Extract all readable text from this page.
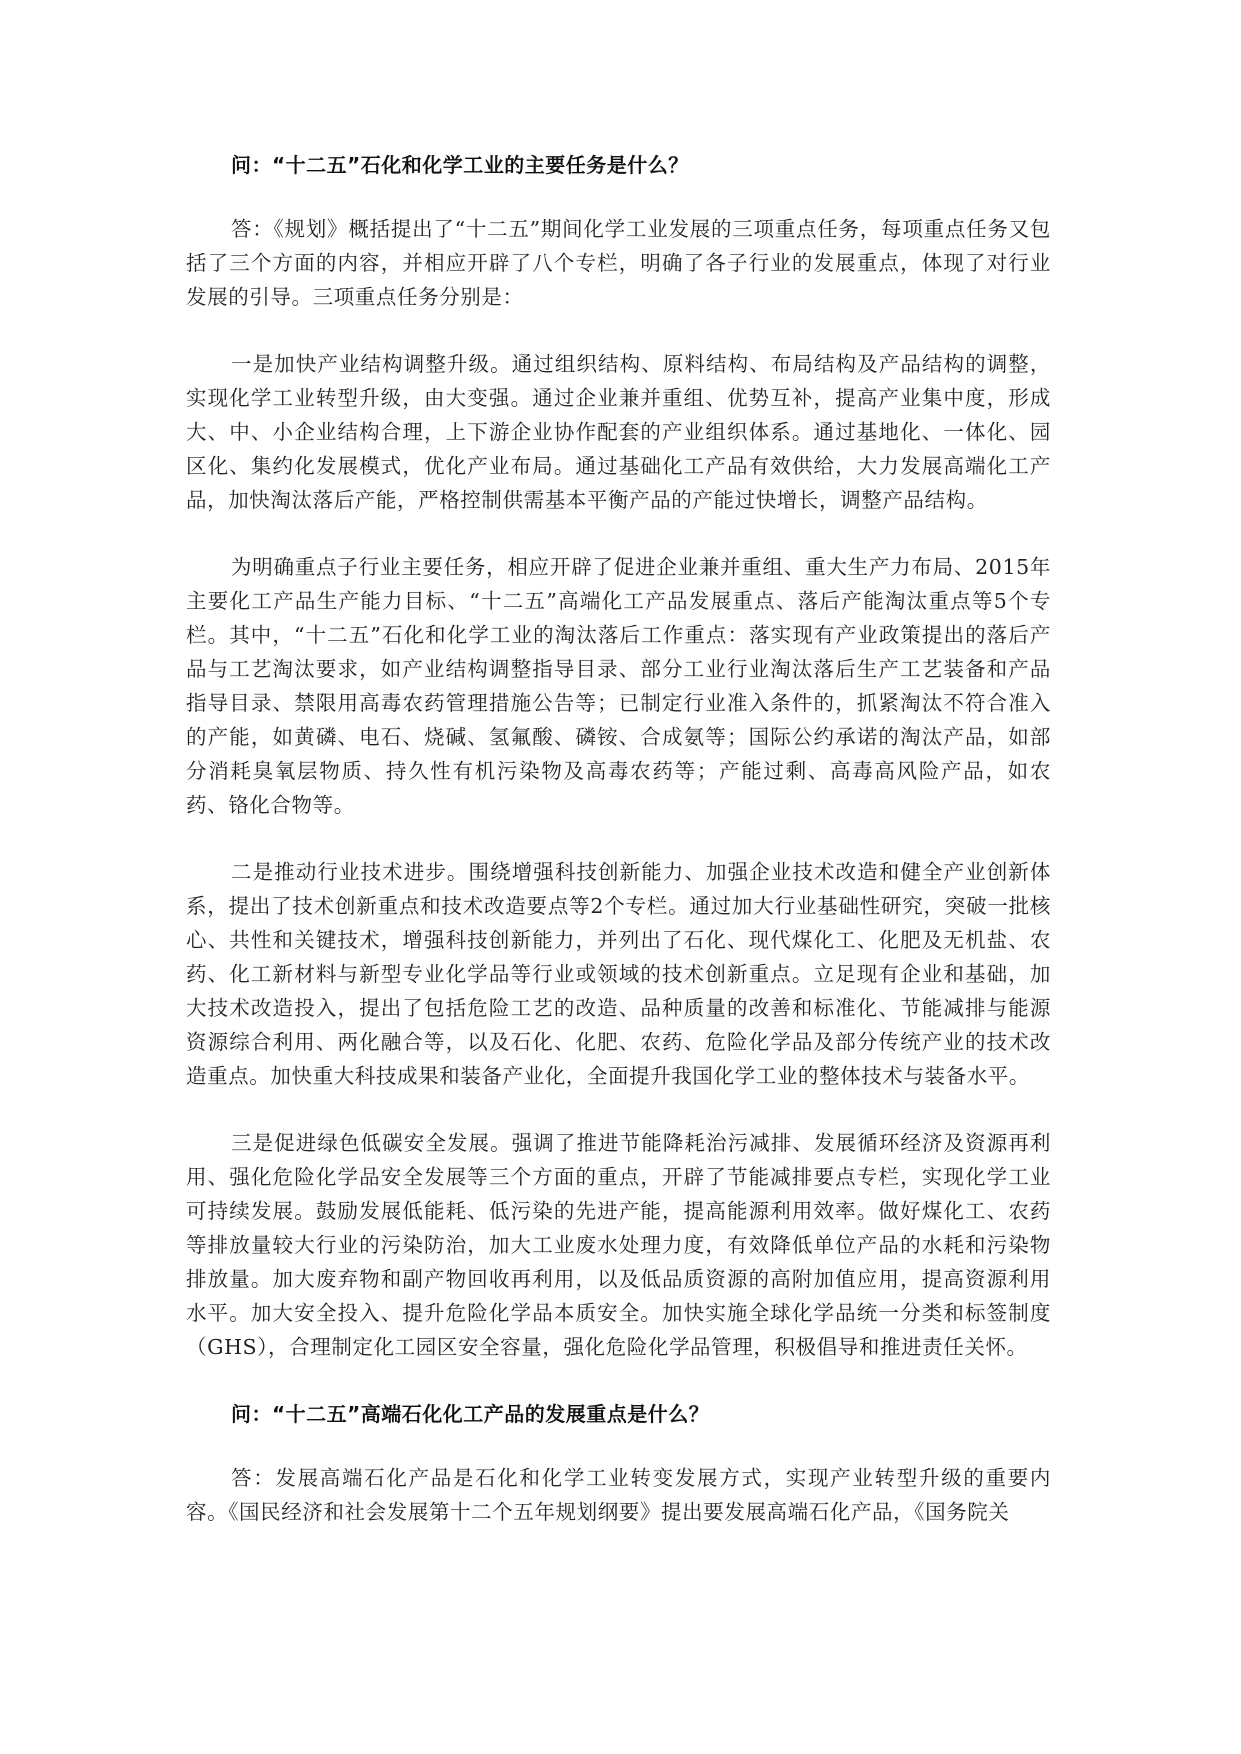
问：“十二五”石化和化学工业的主要任务是什么？

答：《规划》概括提出了“十二五”期间化学工业发展的三项重点任务，每项重点任务又包括了三个方面的内容，并相应开辟了八个专栏，明确了各子行业的发展重点，体现了对行业发展的引导。三项重点任务分别是：

一是加快产业结构调整升级。通过组织结构、原料结构、布局结构及产品结构的调整，实现化学工业转型升级，由大变强。通过企业兼并重组、优势互补，提高产业集中度，形成大、中、小企业结构合理，上下游企业协作配套的产业组织体系。通过基地化、一体化、园区化、集约化发展模式，优化产业布局。通过基础化工产品有效供给，大力发展高端化工产品，加快淘汰落后产能，严格控制供需基本平衡产品的产能过快增长，调整产品结构。

为明确重点子行业主要任务，相应开辟了促进企业兼并重组、重大生产力布局、2015年主要化工产品生产能力目标、“十二五”高端化工产品发展重点、落后产能淘汰重点等5个专栏。其中，“十二五”石化和化学工业的淘汰落后工作重点：落实现有产业政策提出的落后产品与工艺淘汰要求，如产业结构调整指导目录、部分工业行业淘汰落后生产工艺装备和产品指导目录、禁限用高毒农药管理措施公告等；已制定行业准入条件的，抓紧淘汰不符合准入的产能，如黄磷、电石、烧碱、氢氟酸、磷铵、合成氨等；国际公约承诺的淘汰产品，如部分消耗臭氧层物质、持久性有机污染物及高毒农药等；产能过剩、高毒高风险产品，如农药、铬化合物等。

二是推动行业技术进步。围绕增强科技创新能力、加强企业技术改造和健全产业创新体系，提出了技术创新重点和技术改造要点等2个专栏。通过加大行业基础性研究，突破一批核心、共性和关键技术，增强科技创新能力，并列出了石化、现代煤化工、化肥及无机盐、农药、化工新材料与新型专业化学品等行业或领域的技术创新重点。立足现有企业和基础，加大技术改造投入，提出了包括危险工艺的改造、品种质量的改善和标准化、节能减排与能源资源综合利用、两化融合等，以及石化、化肥、农药、危险化学品及部分传统产业的技术改造重点。加快重大科技成果和装备产业化，全面提升我国化学工业的整体技术与装备水平。

三是促进绿色低碳安全发展。强调了推进节能降耗治污减排、发展循环经济及资源再利用、强化危险化学品安全发展等三个方面的重点，开辟了节能减排要点专栏，实现化学工业可持续发展。鼓励发展低能耗、低污染的先进产能，提高能源利用效率。做好煤化工、农药等排放量较大行业的污染防治，加大工业废水处理力度，有效降低单位产品的水耗和污染物排放量。加大废弃物和副产物回收再利用，以及低品质资源的高附加值应用，提高资源利用水平。加大安全投入、提升危险化学品本质安全。加快实施全球化学品统一分类和标签制度（GHS），合理制定化工园区安全容量，强化危险化学品管理，积极倡导和推进责任关怀。

问：“十二五”高端石化化工产品的发展重点是什么？

答：发展高端石化产品是石化和化学工业转变发展方式，实现产业转型升级的重要内容。《国民经济和社会发展第十二个五年规划纲要》提出要发展高端石化产品，《国务院关
